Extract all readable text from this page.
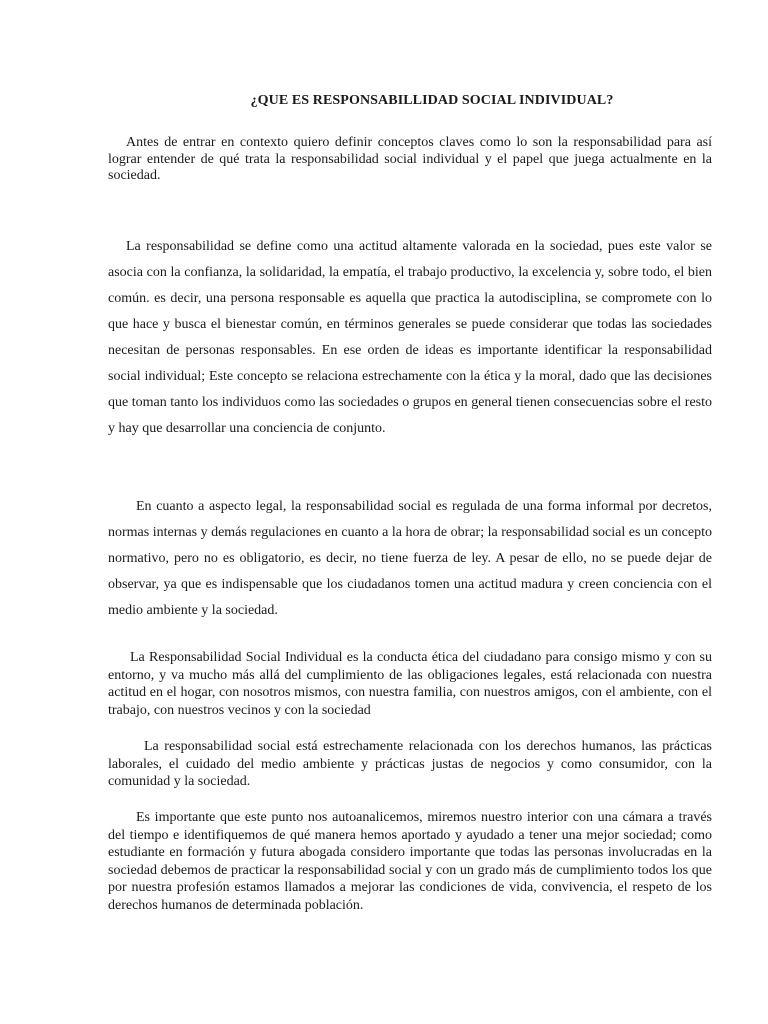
¿QUE ES RESPONSABILLIDAD SOCIAL INDIVIDUAL?

Antes de entrar en contexto quiero definir conceptos claves como lo son la responsabilidad para así lograr entender de qué trata la responsabilidad social individual y el papel que juega actualmente en la sociedad.

La responsabilidad se define como una actitud altamente valorada en la sociedad, pues este valor se asocia con la confianza, la solidaridad, la empatía, el trabajo productivo, la excelencia y, sobre todo, el bien común. es decir, una persona responsable es aquella que practica la autodisciplina, se compromete con lo que hace y busca el bienestar común, en términos generales se puede considerar que todas las sociedades necesitan de personas responsables. En ese orden de ideas es importante identificar la responsabilidad social individual; Este concepto se relaciona estrechamente con la ética y la moral, dado que las decisiones que toman tanto los individuos como las sociedades o grupos en general tienen consecuencias sobre el resto y hay que desarrollar una conciencia de conjunto.

En cuanto a aspecto legal, la responsabilidad social es regulada de una forma informal por decretos, normas internas y demás regulaciones en cuanto a la hora de obrar; la responsabilidad social es un concepto normativo, pero no es obligatorio, es decir, no tiene fuerza de ley. A pesar de ello, no se puede dejar de observar, ya que es indispensable que los ciudadanos tomen una actitud madura y creen conciencia con el medio ambiente y la sociedad.

La Responsabilidad Social Individual es la conducta ética del ciudadano para consigo mismo y con su entorno, y va mucho más allá del cumplimiento de las obligaciones legales, está relacionada con nuestra actitud en el hogar, con nosotros mismos, con nuestra familia, con nuestros amigos, con el ambiente, con el trabajo, con nuestros vecinos y con la sociedad

La responsabilidad social está estrechamente relacionada con los derechos humanos, las prácticas laborales, el cuidado del medio ambiente y prácticas justas de negocios y como consumidor, con la comunidad y la sociedad.

Es importante que este punto nos autoanalicemos, miremos nuestro interior con una cámara a través del tiempo e identifiquemos de qué manera hemos aportado y ayudado a tener una mejor sociedad; como estudiante en formación y futura abogada considero importante que todas las personas involucradas en la sociedad debemos de practicar la responsabilidad social y con un grado más de cumplimiento todos los que por nuestra profesión estamos llamados a mejorar las condiciones de vida, convivencia, el respeto de los derechos humanos de determinada población.
